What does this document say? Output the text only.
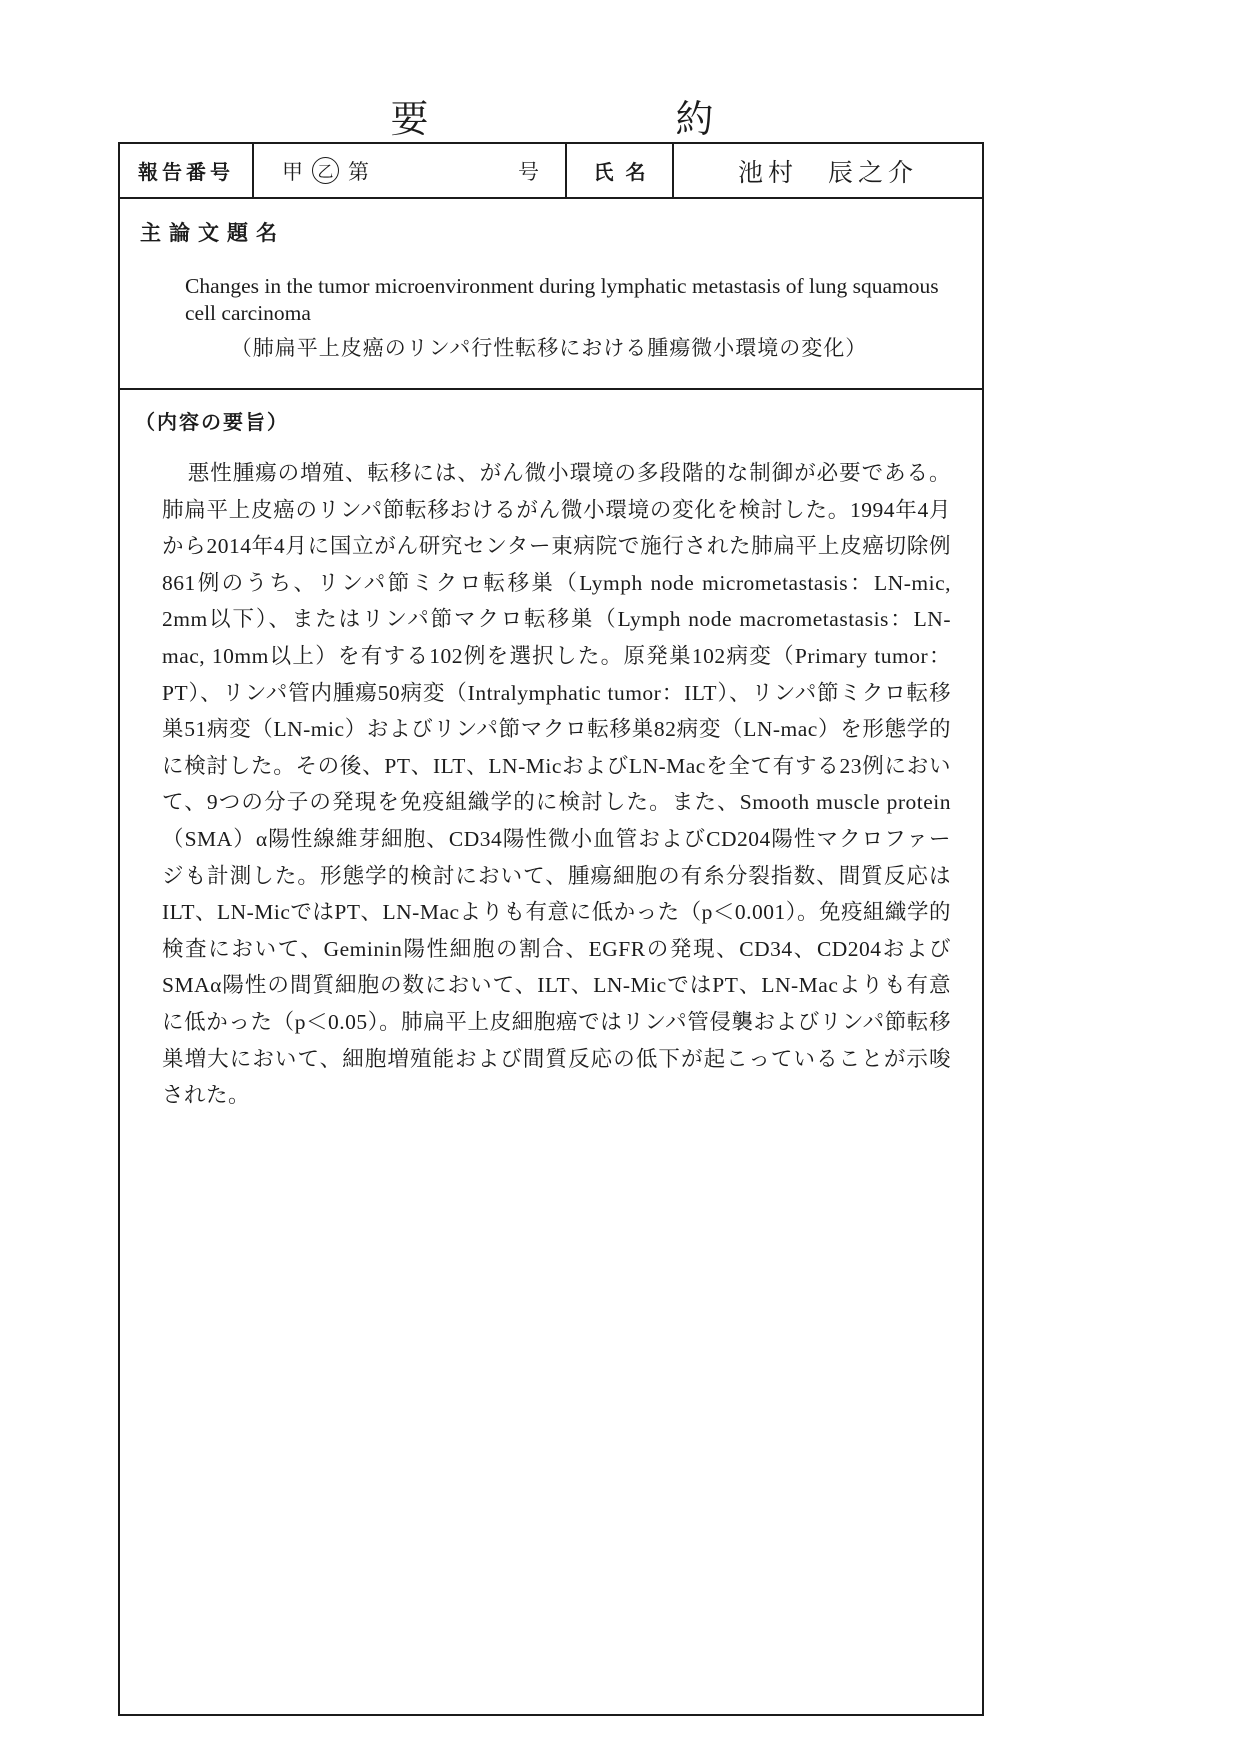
要約
報告番号	甲 乙 第	号	氏名	池村　辰之介
主論文題名
Changes in the tumor microenvironment during lymphatic metastasis of lung squamous cell carcinoma
（肺扁平上皮癌のリンパ行性転移における腫瘍微小環境の変化）
（内容の要旨）

悪性腫瘍の増殖、転移には、がん微小環境の多段階的な制御が必要である。肺扁平上皮癌のリンパ節転移おけるがん微小環境の変化を検討した。1994年4月から2014年4月に国立がん研究センター東病院で施行された肺扁平上皮癌切除例861例のうち、リンパ節ミクロ転移巣（Lymph node micrometastasis：LN-mic, 2mm以下）、またはリンパ節マクロ転移巣（Lymph node macrometastasis：LN-mac, 10mm以上）を有する102例を選択した。原発巣102病変（Primary tumor：PT）、リンパ管内腫瘍50病変（Intralymphatic tumor：ILT）、リンパ節ミクロ転移巣51病変（LN-mic）およびリンパ節マクロ転移巣82病変（LN-mac）を形態学的に検討した。その後、PT、ILT、LN-MicおよびLN-Macを全て有する23例において、9つの分子の発現を免疫組織学的に検討した。また、Smooth muscle protein（SMA）α陽性線維芽細胞、CD34陽性微小血管およびCD204陽性マクロファージも計測した。形態学的検討において、腫瘍細胞の有糸分裂指数、間質反応はILT、LN-MicではPT、LN-Macよりも有意に低かった（p＜0.001）。免疫組織学的検査において、Geminin陽性細胞の割合、EGFRの発現、CD34、CD204およびSMAα陽性の間質細胞の数において、ILT、LN-MicではPT、LN-Macよりも有意に低かった（p＜0.05）。肺扁平上皮細胞癌ではリンパ管侵襲およびリンパ節転移巣増大において、細胞増殖能および間質反応の低下が起こっていることが示唆された。
